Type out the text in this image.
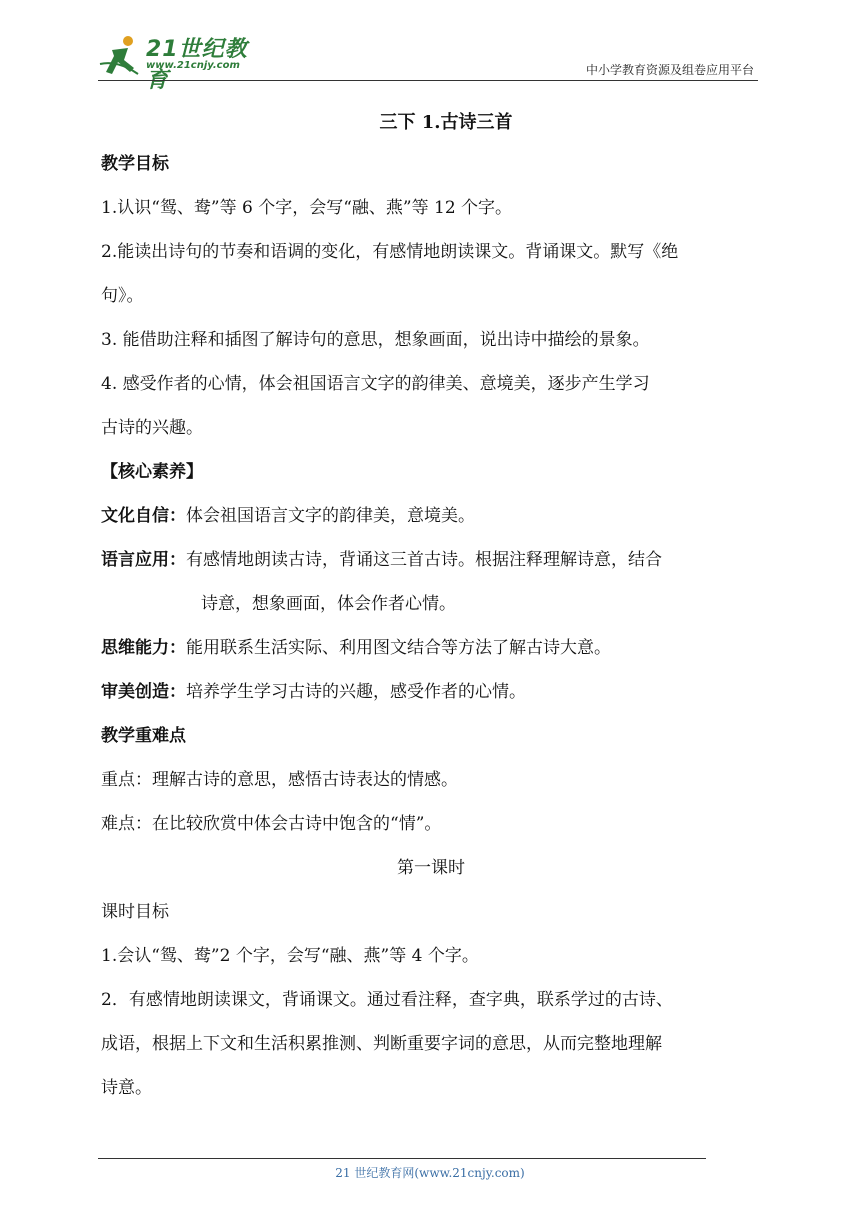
21世纪教育
www.21cnjy.com	中小学教育资源及组卷应用平台
三下 1.古诗三首
教学目标
1.认识“鸳、鸯”等 6 个字，会写“融、燕”等 12 个字。
2.能读出诗句的节奏和语调的变化，有感情地朗读课文。背诵课文。默写《绝
句》。
3. 能借助注释和插图了解诗句的意思，想象画面，说出诗中描绘的景象。
4. 感受作者的心情，体会祖国语言文字的韵律美、意境美，逐步产生学习
古诗的兴趣。
【核心素养】
文化自信：体会祖国语言文字的韵律美，意境美。
语言应用：有感情地朗读古诗，背诵这三首古诗。根据注释理解诗意，结合
诗意，想象画面，体会作者心情。
思维能力：能用联系生活实际、利用图文结合等方法了解古诗大意。
审美创造：培养学生学习古诗的兴趣，感受作者的心情。
教学重难点
重点：理解古诗的意思，感悟古诗表达的情感。
难点：在比较欣赏中体会古诗中饱含的“情”。
第一课时
课时目标
1.会认“鸳、鸯”2 个字，会写“融、燕”等 4 个字。
2．有感情地朗读课文，背诵课文。通过看注释，查字典，联系学过的古诗、
成语，根据上下文和生活积累推测、判断重要字词的意思，从而完整地理解
诗意。
21 世纪教育网(www.21cnjy.com)
